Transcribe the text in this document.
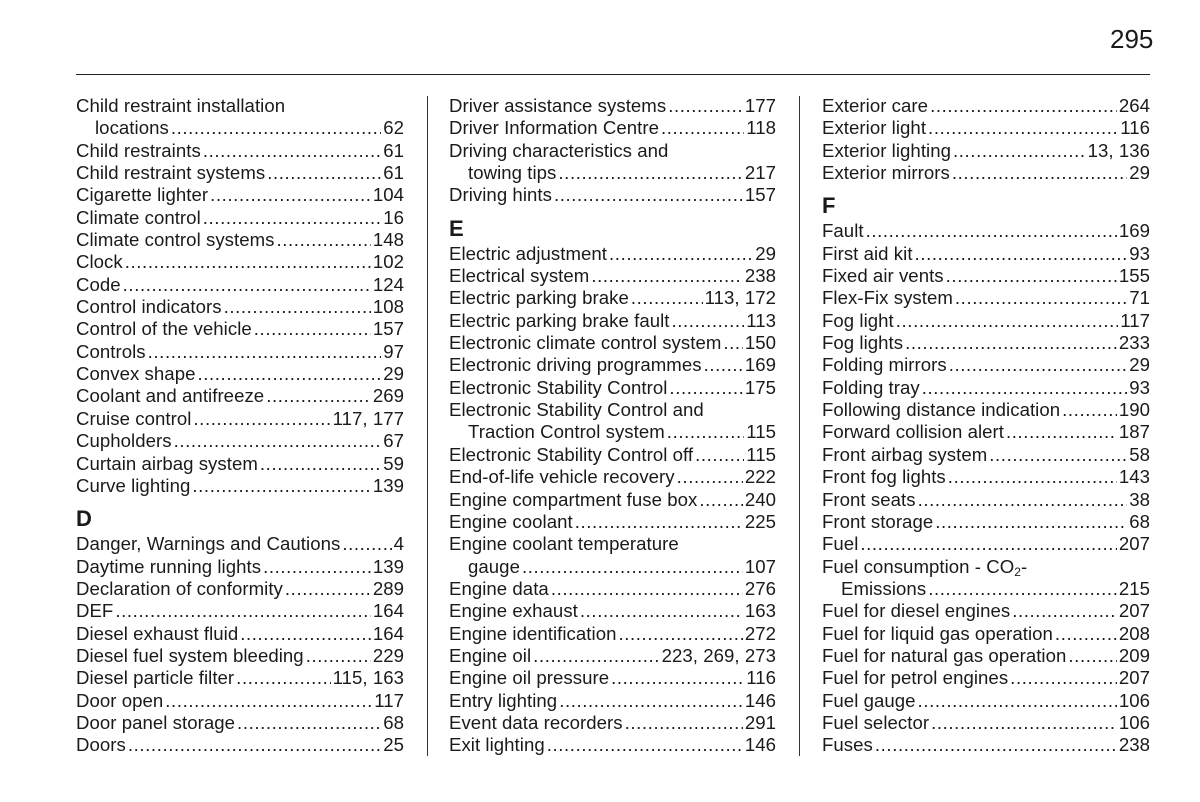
295
Child restraint installation
locations .....	62
Child restraints .....	61
Child restraint systems .....	61
Cigarette lighter .....	104
Climate control .....	16
Climate control systems .....	148
Clock .....	102
Code .....	124
Control indicators .....	108
Control of the vehicle .....	157
Controls .....	97
Convex shape .....	29
Coolant and antifreeze .....	269
Cruise control .....	117, 177
Cupholders .....	67
Curtain airbag system .....	59
Curve lighting .....	139
D
Danger, Warnings and Cautions .....	4
Daytime running lights .....	139
Declaration of conformity .....	289
DEF .....	164
Diesel exhaust fluid .....	164
Diesel fuel system bleeding .....	229
Diesel particle filter .....	115, 163
Door open .....	117
Door panel storage .....	68
Doors .....	25
Driver assistance systems .....	177
Driver Information Centre .....	118
Driving characteristics and
towing tips .....	217
Driving hints .....	157
E
Electric adjustment .....	29
Electrical system .....	238
Electric parking brake .....	113, 172
Electric parking brake fault .....	113
Electronic climate control system ..... 150
Electronic driving programmes ..... 169
Electronic Stability Control .....	175
Electronic Stability Control and
Traction Control system .....	115
Electronic Stability Control off .....	115
End-of-life vehicle recovery .....	222
Engine compartment fuse box .....	240
Engine coolant .....	225
Engine coolant temperature
gauge .....	107
Engine data .....	276
Engine exhaust .....	163
Engine identification .....	272
Engine oil .....	223, 269, 273
Engine oil pressure .....	116
Entry lighting .....	146
Event data recorders .....	291
Exit lighting .....	146
Exterior care .....	264
Exterior light .....	116
Exterior lighting .....	13, 136
Exterior mirrors .....	29
F
Fault .....	169
First aid kit .....	93
Fixed air vents .....	155
Flex-Fix system .....	71
Fog light .....	117
Fog lights .....	233
Folding mirrors .....	29
Folding tray .....	93
Following distance indication .....	190
Forward collision alert .....	187
Front airbag system .....	58
Front fog lights .....	143
Front seats .....	38
Front storage .....	68
Fuel .....	207
Fuel consumption - $CO_2-$
Emissions .....	215
Fuel for diesel engines .....	207
Fuel for liquid gas operation .....	208
Fuel for natural gas operation .....	209
Fuel for petrol engines .....	207
Fuel gauge .....	106
Fuel selector .....	106
Fuses .....	238
